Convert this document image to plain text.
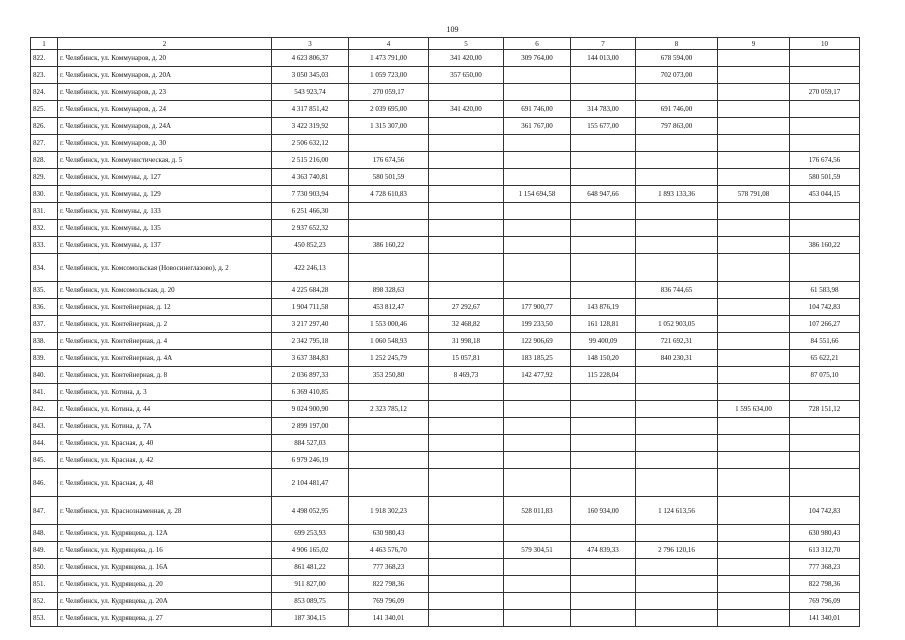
109
1	2	3	4	5	6	7	8	9	10
822.	г. Челябинск, ул. Коммунаров, д. 20	4 623 806,37	1 473 791,00	341 420,00	309 764,00	144 013,00	678 594,00		
823.	г. Челябинск, ул. Коммунаров, д. 20А	3 050 345,03	1 059 723,00	357 650,00			702 073,00		
824.	г. Челябинск, ул. Коммунаров, д. 23	543 923,74	270 059,17						270 059,17
825.	г. Челябинск, ул. Коммунаров, д. 24	4 317 851,42	2 039 695,00	341 420,00	691 746,00	314 783,00	691 746,00		
826.	г. Челябинск, ул. Коммунаров, д. 24А	3 422 319,92	1 315 307,00		361 767,00	155 677,00	797 863,00		
827.	г. Челябинск, ул. Коммунаров, д. 30	2 506 632,12							
828.	г. Челябинск, ул. Коммунистическая, д. 5	2 515 216,00	176 674,56						176 674,56
829.	г. Челябинск, ул. Коммуны, д. 127	4 363 740,81	580 501,59						580 501,59
830.	г. Челябинск, ул. Коммуны, д. 129	7 730 903,94	4 728 610,83		1 154 694,58	648 947,66	1 893 133,36	578 791,08	453 044,15
831.	г. Челябинск, ул. Коммуны, д. 133	6 251 466,30							
832.	г. Челябинск, ул. Коммуны, д. 135	2 937 652,32							
833.	г. Челябинск, ул. Коммуны, д. 137	450 852,23	386 160,22						386 160,22
834.	г. Челябинск, ул. Комсомольская (Новосинеглазово), д. 2	422 246,13							
835.	г. Челябинск, ул. Комсомольская, д. 20	4 225 684,28	898 328,63				836 744,65		61 583,98
836.	г. Челябинск, ул. Контейнерная, д. 12	1 904 711,58	453 812,47	27 292,67	177 900,77	143 876,19			104 742,83
837.	г. Челябинск, ул. Контейнерная, д. 2	3 217 297,40	1 553 000,46	32 468,82	199 233,50	161 128,81	1 052 903,05		107 266,27
838.	г. Челябинск, ул. Контейнерная, д. 4	2 342 795,18	1 060 548,93	31 998,18	122 906,69	99 400,09	721 692,31		84 551,66
839.	г. Челябинск, ул. Контейнерная, д. 4А	3 637 384,83	1 252 245,79	15 057,81	183 185,25	148 150,20	840 230,31		65 622,21
840.	г. Челябинск, ул. Контейнерная, д. 8	2 036 897,33	353 250,80	8 469,73	142 477,92	115 228,04			87 075,10
841.	г. Челябинск, ул. Котина, д. 3	6 369 410,85							
842.	г. Челябинск, ул. Котина, д. 44	9 024 900,90	2 323 785,12					1 595 634,00	728 151,12
843.	г. Челябинск, ул. Котина, д. 7А	2 899 197,00							
844.	г. Челябинск, ул. Красная, д. 40	884 527,03							
845.	г. Челябинск, ул. Красная, д. 42	6 979 246,19							
846.	г. Челябинск, ул. Красная, д. 48	2 104 481,47							
847.	г. Челябинск, ул. Краснознаменная, д. 28	4 498 052,95	1 918 302,23		528 011,83	160 934,00	1 124 613,56		104 742,83
848.	г. Челябинск, ул. Кудрявцева, д. 12А	699 253,93	630 980,43						630 980,43
849.	г. Челябинск, ул. Кудрявцева, д. 16	4 906 165,02	4 463 576,70		579 304,51	474 839,33	2 796 120,16		613 312,70
850.	г. Челябинск, ул. Кудрявцева, д. 16А	861 481,22	777 368,23						777 368,23
851.	г. Челябинск, ул. Кудрявцева, д. 20	911 827,00	822 798,36						822 798,36
852.	г. Челябинск, ул. Кудрявцева, д. 20А	853 089,75	769 796,09						769 796,09
853.	г. Челябинск, ул. Кудрявцева, д. 27	187 304,15	141 340,01						141 340,01
